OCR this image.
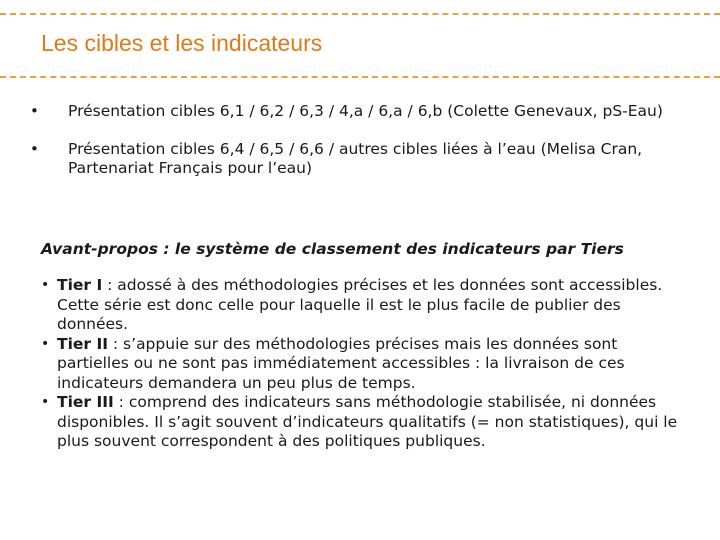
Les cibles et les indicateurs
• Présentation cibles 6,1 / 6,2 / 6,3 / 4,a / 6,a / 6,b (Colette Genevaux, pS-Eau)
• Présentation cibles 6,4 / 6,5 / 6,6 / autres cibles liées à l’eau (Melisa Cran, Partenariat Français pour l’eau)
Avant-propos : le système de classement des indicateurs par Tiers
• Tier I : adossé à des méthodologies précises et les données sont accessibles. Cette série est donc celle pour laquelle il est le plus facile de publier des données.
• Tier II : s’appuie sur des méthodologies précises mais les données sont partielles ou ne sont pas immédiatement accessibles : la livraison de ces indicateurs demandera un peu plus de temps.
• Tier III : comprend des indicateurs sans méthodologie stabilisée, ni données disponibles. Il s’agit souvent d’indicateurs qualitatifs (= non statistiques), qui le plus souvent correspondent à des politiques publiques.
